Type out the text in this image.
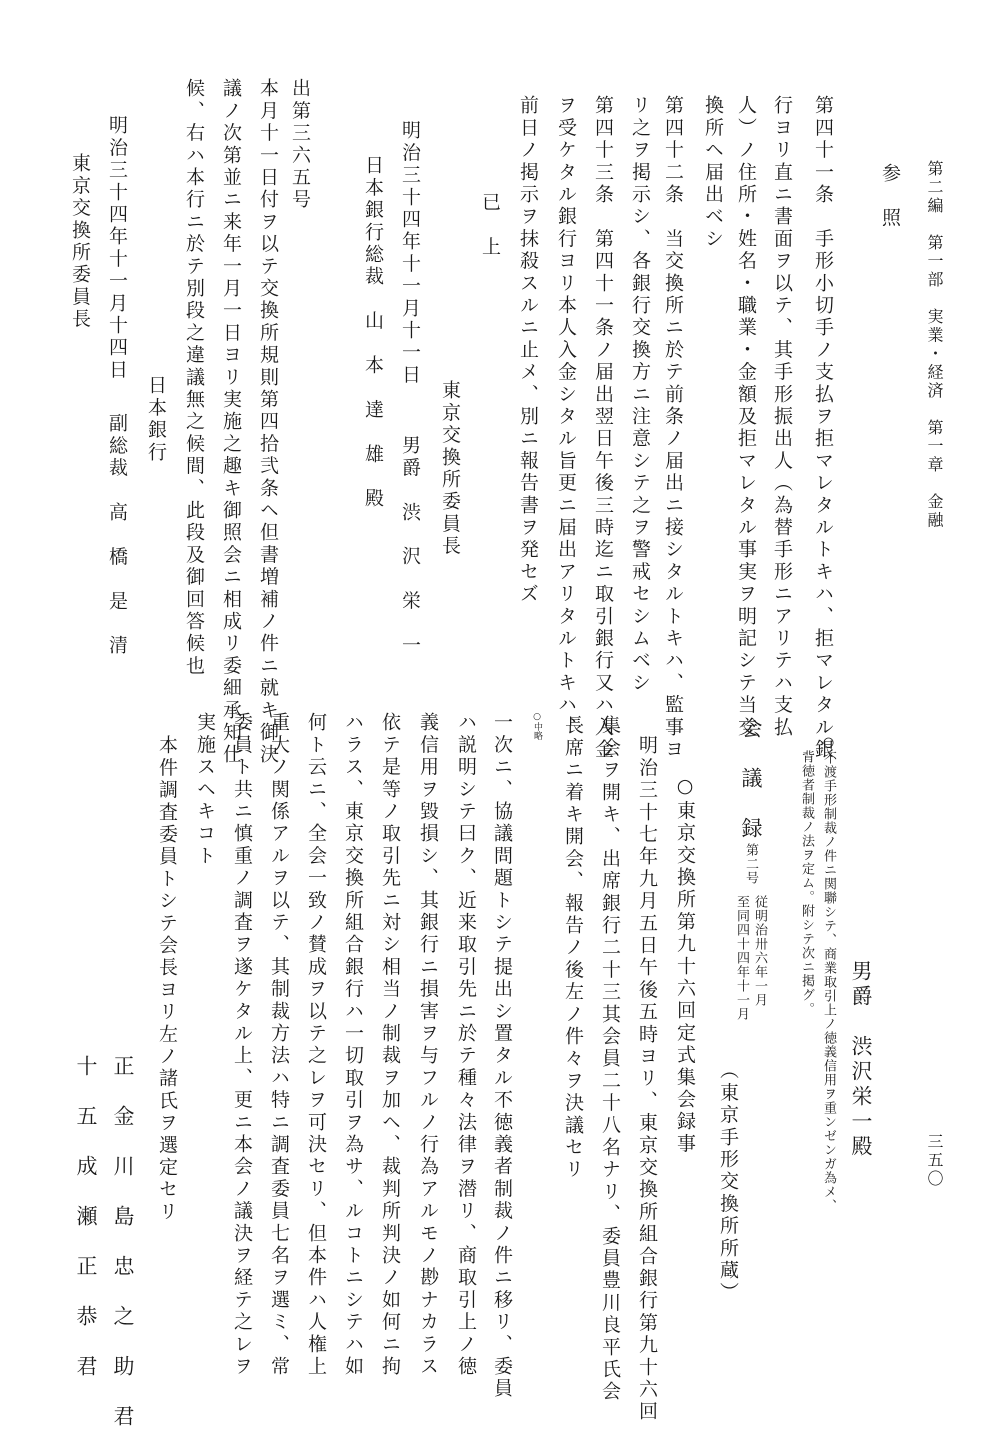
第二編　第一部　実業・経済　第一章　金融
三五〇
参　照
第四十一条　手形小切手ノ支払ヲ拒マレタルトキハ、拒マレタル銀
行ヨリ直ニ書面ヲ以テ、其手形振出人（為替手形ニアリテハ支払
人）ノ住所・姓名・職業・金額及拒マレタル事実ヲ明記シテ当交
換所ヘ届出ベシ
第四十二条　当交換所ニ於テ前条ノ届出ニ接シタルトキハ、監事ヨ
リ之ヲ掲示シ、各銀行交換方ニ注意シテ之ヲ警戒セシムベシ
第四十三条　第四十一条ノ届出翌日午後三時迄ニ取引銀行又ハ入金
ヲ受ケタル銀行ヨリ本人入金シタル旨更ニ届出アリタルトキハ、
前日ノ掲示ヲ抹殺スルニ止メ、別ニ報告書ヲ発セズ
已　上
東京交換所委員長
明治三十四年十一月十一日
男爵　渋　沢　栄　一
日本銀行総裁　山　本　達　雄　殿
出第三六五号
本月十一日付ヲ以テ交換所規則第四拾弐条ヘ但書増補ノ件ニ就キ御決
議ノ次第並ニ来年一月一日ヨリ実施之趣キ御照会ニ相成リ委細承知仕
候、右ハ本行ニ於テ別段之違議無之候間、此段及御回答候也
日本銀行
明治三十四年十一月十四日
副総裁　高　橋　是　清
東京交換所委員長
男爵　渋沢栄一殿
○不渡手形制裁ノ件ニ関聯シテ、商業取引上ノ徳義信用ヲ重ンゼンガ為メ、
背徳者制裁ノ法ヲ定ム。附シテ次ニ掲グ。
会　議　録
第二号
従明治卅六年一月
至同四十四年十一月
（東京手形交換所所蔵）
○東京交換所第九十六回定式集会録事
明治三十七年九月五日午後五時ヨリ、東京交換所組合銀行第九十六回
集会ヲ開キ、出席銀行二十三其会員二十八名ナリ、委員豊川良平氏会
長席ニ着キ開会、報告ノ後左ノ件々ヲ決議セリ
○中略
一次ニ、協議問題トシテ提出シ置タル不徳義者制裁ノ件ニ移リ、委員
ハ説明シテ曰ク、近来取引先ニ於テ種々法律ヲ潜リ、商取引上ノ徳
義信用ヲ毀損シ、其銀行ニ損害ヲ与フルノ行為アルモノ尠ナカラス
依テ是等ノ取引先ニ対シ相当ノ制裁ヲ加ヘ、裁判所判決ノ如何ニ拘
ハラス、東京交換所組合銀行ハ一切取引ヲ為サ、ルコトニシテハ如
何ト云ニ、全会一致ノ賛成ヲ以テ之レヲ可決セリ、但本件ハ人権上
重大ノ関係アルヲ以テ、其制裁方法ハ特ニ調査委員七名ヲ選ミ、常
委員ト共ニ慎重ノ調査ヲ遂ケタル上、更ニ本会ノ議決ヲ経テ之レヲ
実施スヘキコト
本件調査委員トシテ会長ヨリ左ノ諸氏ヲ選定セリ
正　金　川　島　忠　之　助　君
十　五　成　瀬　正　恭　君
